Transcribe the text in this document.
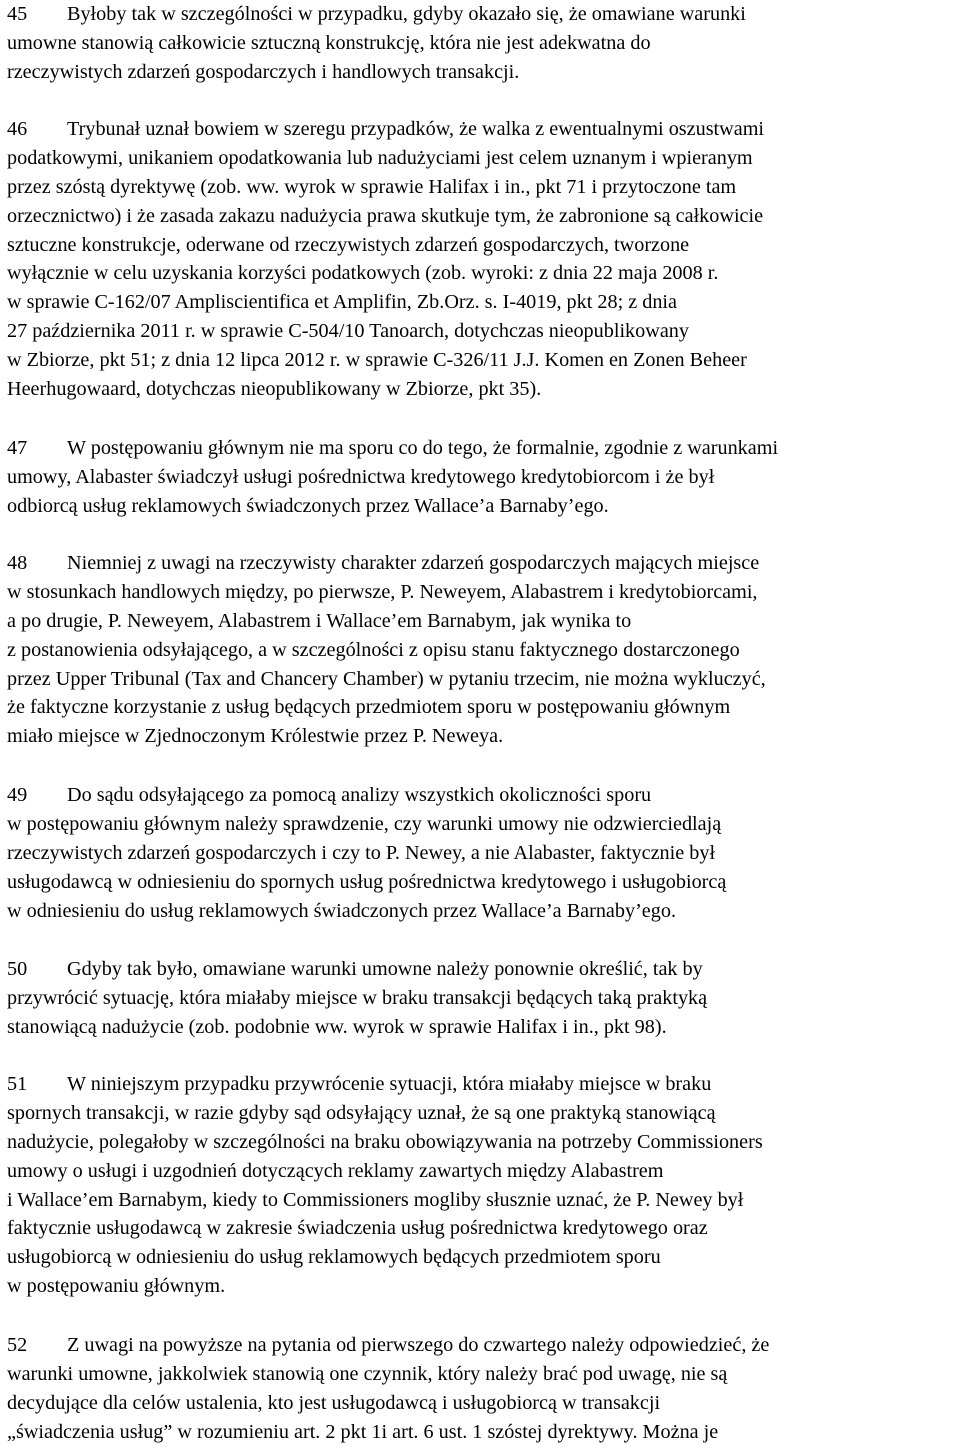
45 Byłoby tak w szczególności w przypadku, gdyby okazało się, że omawiane warunki
umowne stanowią całkowicie sztuczną konstrukcję, która nie jest adekwatna do
rzeczywistych zdarzeń gospodarczych i handlowych transakcji.
46 Trybunał uznał bowiem w szeregu przypadków, że walka z ewentualnymi oszustwami
podatkowymi, unikaniem opodatkowania lub nadużyciami jest celem uznanym i wpieranym
przez szóstą dyrektywę (zob. ww. wyrok w sprawie Halifax i in., pkt 71 i przytoczone tam
orzecznictwo) i że zasada zakazu nadużycia prawa skutkuje tym, że zabronione są całkowicie
sztuczne konstrukcje, oderwane od rzeczywistych zdarzeń gospodarczych, tworzone
wyłącznie w celu uzyskania korzyści podatkowych (zob. wyroki: z dnia 22 maja 2008 r.
w sprawie C-162/07 Ampliscientifica et Amplifin, Zb.Orz. s. I-4019, pkt 28; z dnia
27 października 2011 r. w sprawie C-504/10 Tanoarch, dotychczas nieopublikowany
w Zbiorze, pkt 51; z dnia 12 lipca 2012 r. w sprawie C-326/11 J.J. Komen en Zonen Beheer
Heerhugowaard, dotychczas nieopublikowany w Zbiorze, pkt 35).
47 W postępowaniu głównym nie ma sporu co do tego, że formalnie, zgodnie z warunkami
umowy, Alabaster świadczył usługi pośrednictwa kredytowego kredytobiorcom i że był
odbiorcą usług reklamowych świadczonych przez Wallace’a Barnaby’ego.
48 Niemniej z uwagi na rzeczywisty charakter zdarzeń gospodarczych mających miejsce
w stosunkach handlowych między, po pierwsze, P. Neweyem, Alabastrem i kredytobiorcami,
a po drugie, P. Neweyem, Alabastrem i Wallace’em Barnabym, jak wynika to
z postanowienia odsyłającego, a w szczególności z opisu stanu faktycznego dostarczonego
przez Upper Tribunal (Tax and Chancery Chamber) w pytaniu trzecim, nie można wykluczyć,
że faktyczne korzystanie z usług będących przedmiotem sporu w postępowaniu głównym
miało miejsce w Zjednoczonym Królestwie przez P. Neweya.
49 Do sądu odsyłającego za pomocą analizy wszystkich okoliczności sporu
w postępowaniu głównym należy sprawdzenie, czy warunki umowy nie odzwierciedlają
rzeczywistych zdarzeń gospodarczych i czy to P. Newey, a nie Alabaster, faktycznie był
usługodawcą w odniesieniu do spornych usług pośrednictwa kredytowego i usługobiorcą
w odniesieniu do usług reklamowych świadczonych przez Wallace’a Barnaby’ego.
50 Gdyby tak było, omawiane warunki umowne należy ponownie określić, tak by
przywrócić sytuację, która miałaby miejsce w braku transakcji będących taką praktyką
stanowiącą nadużycie (zob. podobnie ww. wyrok w sprawie Halifax i in., pkt 98).
51 W niniejszym przypadku przywrócenie sytuacji, która miałaby miejsce w braku
spornych transakcji, w razie gdyby sąd odsyłający uznał, że są one praktyką stanowiącą
nadużycie, polegałoby w szczególności na braku obowiązywania na potrzeby Commissioners
umowy o usługi i uzgodnień dotyczących reklamy zawartych między Alabastrem
i Wallace’em Barnabym, kiedy to Commissioners mogliby słusznie uznać, że P. Newey był
faktycznie usługodawcą w zakresie świadczenia usług pośrednictwa kredytowego oraz
usługobiorcą w odniesieniu do usług reklamowych będących przedmiotem sporu
w postępowaniu głównym.
52 Z uwagi na powyższe na pytania od pierwszego do czwartego należy odpowiedzieć, że
warunki umowne, jakkolwiek stanowią one czynnik, który należy brać pod uwagę, nie są
decydujące dla celów ustalenia, kto jest usługodawcą i usługobiorcą w transakcji
„świadczenia usług” w rozumieniu art. 2 pkt 1i art. 6 ust. 1 szóstej dyrektywy. Można je
